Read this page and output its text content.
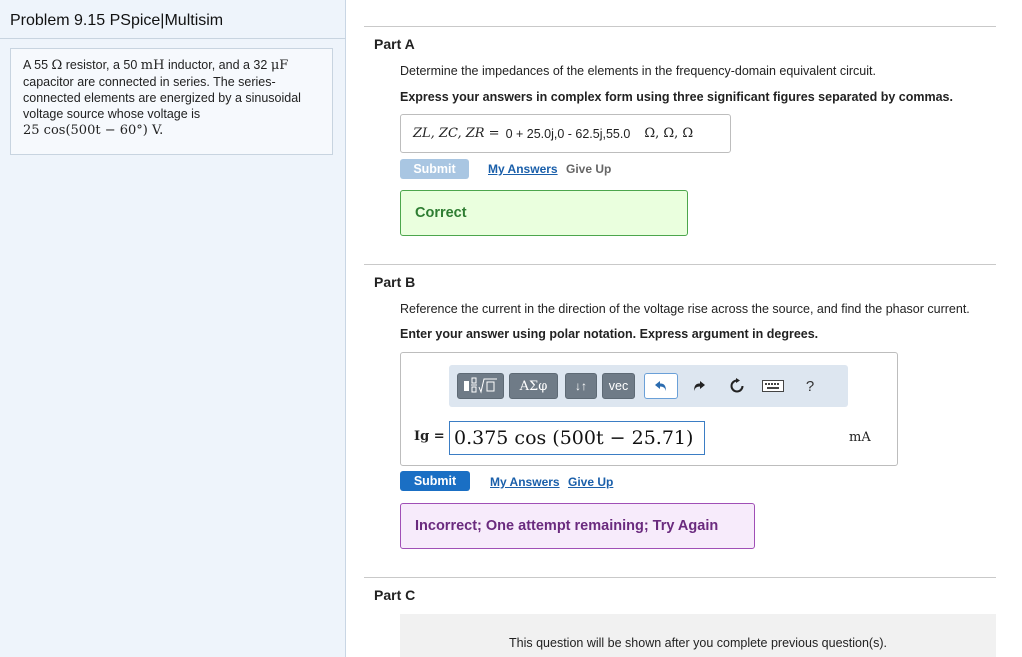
Problem 9.15 PSpice|Multisim
A 55 Ω resistor, a 50 mH inductor, and a 32 μF
capacitor are connected in series. The series-
connected elements are energized by a sinusoidal
voltage source whose voltage is
25 cos(500t − 60°) V.
Part A
Determine the impedances of the elements in the frequency-domain equivalent circuit.
Express your answers in complex form using three significant figures separated by commas.
ZL, ZC, ZR = 0 + 25.0j,0 - 62.5j,55.0 Ω, Ω, Ω
Submit	My Answers Give Up
Correct
Part B
Reference the current in the direction of the voltage rise across the source, and find the phasor current.
Enter your answer using polar notation. Express argument in degrees.
ΑΣφ	↓↑	vec	?
Ig = 0.375 cos (500t − 25.71)	mA
Submit	My Answers Give Up
Incorrect; One attempt remaining; Try Again
Part C
This question will be shown after you complete previous question(s).
